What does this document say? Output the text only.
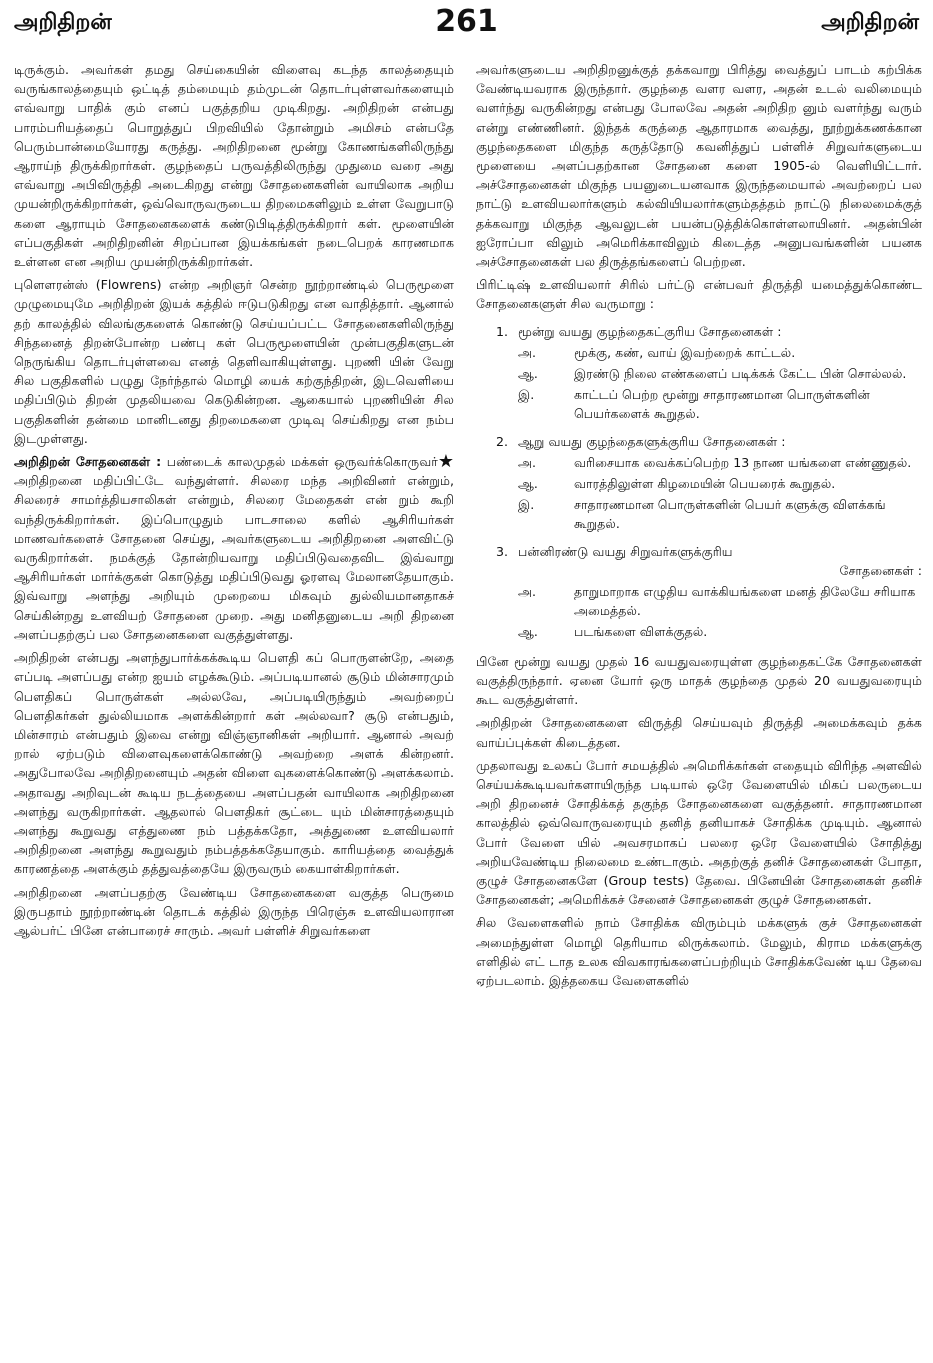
அறிதிறன்	261	அறிதிறன்

டிருக்கும். அவர்கள் தமது செய்கையின் விளைவு கடந்த காலத்தையும் வருங்காலத்தையும் ஒட்டித் தம்மையும் தம்முடன் தொடர்புள்ளவர்களையும் எவ்வாறு பாதிக் கும் எனப் பகுத்தறிய முடிகிறது. அறிதிறன் என்பது பாரம்பரியத்தைப் பொறுத்துப் பிறவியில் தோன்றும் அமிசம் என்பதே பெரும்பான்மையோரது கருத்து. அறிதிறனை மூன்று கோணங்களிலிருந்து ஆராய்ந் திருக்கிறார்கள். குழந்தைப் பருவத்திலிருந்து முதுமை வரை அது எவ்வாறு அபிவிருத்தி அடைகிறது என்று சோதனைகளின் வாயிலாக அறிய முயன்றிருக்கிறார்கள், ஒவ்வொருவருடைய திறமைகளிலும் உள்ள வேறுபாடு களை ஆராயும் சோதனைகளைக் கண்டுபிடித்திருக்கிறார் கள். மூளையின் எப்பகுதிகள் அறிதிறனின் சிறப்பான இயக்கங்கள் நடைபெறக் காரணமாக உள்ளன என அறிய முயன்றிருக்கிறார்கள்.

புளௌரன்ஸ் (Flowrens) என்ற அறிஞர் சென்ற நூற்றாண்டில் பெருமூளை முழுமையுமே அறிதிறன் இயக் கத்தில் ஈடுபடுகிறது என வாதித்தார். ஆனால் தற் காலத்தில் விலங்குகளைக் கொண்டு செய்யப்பட்ட சோதனைகளிலிருந்து சிந்தனைத் திறன்போன்ற பண்பு கள் பெருமூளையின் முன்பகுதிகளுடன் நெருங்கிய தொடர்புள்ளவை எனத் தெளிவாகியுள்ளது. புறணி யின் வேறு சில பகுதிகளில் பழுது நேர்ந்தால் மொழி யைக் கற்குந்திறன், இடவெளியை மதிப்பிடும் திறன் முதலியவை கெடுகின்றன. ஆகையால் புறணியின் சில பகுதிகளின் தன்மை மானிடனது திறமைகளை முடிவு செய்கிறது என நம்ப இடமுள்ளது.

★
அறிதிறன் சோதனைகள் : பண்டைக் காலமுதல் மக்கள் ஒருவர்க்கொருவர் அறிதிறனை மதிப்பிட்டே வந்துள்ளர். சிலரை மந்த அறிவினர் என்றும், சிலரைச் சாமர்த்தியசாலிகள் என்றும், சிலரை மேதைகள் என் றும் கூறி வந்திருக்கிறார்கள். இப்பொழுதும் பாடசாலை களில் ஆசிரியர்கள் மாணவர்களைச் சோதனை செய்து, அவர்களுடைய அறிதிறனை அளவிட்டு வருகிறார்கள். நமக்குத் தோன்றியவாறு மதிப்பிடுவதைவிட இவ்வாறு ஆசிரியர்கள் மார்க்குகள் கொடுத்து மதிப்பிடுவது ஓரளவு மேலானதேயாகும். இவ்வாறு அளந்து அறியும் முறையை மிகவும் துல்லியமானதாகச் செய்கின்றது உளவியற் சோதனை முறை. அது மனிதனுடைய அறி திறனை அளப்பதற்குப் பல சோதனைகளை வகுத்துள்ளது.

அறிதிறன் என்பது அளந்துபார்க்கக்கூடிய பௌதி கப் பொருளன்றே, அதை எப்படி அளப்பது என்ற ஐயம் எழக்கூடும். அப்படியானல் சூடும் மின்சாரமும் பௌதிகப் பொருள்கள் அல்லவே, அப்படியிருந்தும் அவற்றைப் பௌதிகர்கள் துல்லியமாக அளக்கின்றார் கள் அல்லவா? சூடு என்பதும், மின்சாரம் என்பதும் இவை என்று விஞ்ஞானிகள் அறியார். ஆனால் அவற் றால் ஏற்படும் விளைவுகளைக்கொண்டு அவற்றை அளக் கின்றனர். அதுபோலவே அறிதிறனையும் அதன் விளை வுகளைக்கொண்டு அளக்கலாம். அதாவது அறிவுடன் கூடிய நடத்தையை அளப்பதன் வாயிலாக அறிதிறனை அளந்து வருகிறார்கள். ஆதலால் பௌதிகர் சூட்டை யும் மின்சாரத்தையும் அளந்து கூறுவது எத்துணை நம் பத்தக்கதோ, அத்துணை உளவியலார் அறிதிறனை அளந்து கூறுவதும் நம்பத்தக்கதேயாகும். காரியத்தை வைத்துக் காரணத்தை அளக்கும் தத்துவத்தையே இருவரும் கையாள்கிறார்கள்.

அறிதிறனை அளப்பதற்கு வேண்டிய சோதனைகளை வகுத்த பெருமை இருபதாம் நூற்றாண்டின் தொடக் கத்தில் இருந்த பிரெஞ்சு உளவியலாரான ஆல்பர்ட் பினே என்பாரைச் சாரும். அவர் பள்ளிச் சிறுவர்களை

அவர்களுடைய அறிதிறனுக்குத் தக்கவாறு பிரித்து வைத்துப் பாடம் கற்பிக்க வேண்டியவராக இருந்தார். குழந்தை வளர வளர, அதன் உடல் வலிமையும் வளர்ந்து வருகின்றது என்பது போலவே அதன் அறிதிற னும் வளர்ந்து வரும் என்று எண்ணினர். இந்தக் கருத்தை ஆதாரமாக வைத்து, நூற்றுக்கணக்கான குழந்தைகளை மிகுந்த கருத்தோடு கவனித்துப் பள்ளிச் சிறுவர்களுடைய மூளையை அளப்பதற்கான சோதனை களை 1905-ல் வெளியிட்டார். அச்சோதனைகள் மிகுந்த பயனுடையனவாக இருந்தமையால் அவற்றைப் பல நாட்டு உளவியலார்களும் கல்வியியலார்களும்தத்தம் நாட்டு நிலைமைக்குத் தக்கவாறு மிகுந்த ஆவலுடன் பயன்படுத்திக்கொள்ளலாயினர். அதன்பின் ஐரோப்பா விலும் அமெரிக்காவிலும் கிடைத்த அனுபவங்களின் பயனக அச்சோதனைகள் பல திருத்தங்களைப் பெற்றன.

பிரிட்டிஷ் உளவியலார் சிரில் பர்ட்டு என்பவர் திருத்தி யமைத்துக்கொண்ட சோதனைகளுள் சில வருமாறு :

1. மூன்று வயது குழந்தைகட்குரிய சோதனைகள் :
அ.	மூக்கு, கண், வாய் இவற்றைக் காட்டல்.
ஆ.	இரண்டு நிலை எண்களைப் படிக்கக் கேட்ட பின் சொல்லல்.
இ.	காட்டப் பெற்ற மூன்று சாதாரணமான பொருள்களின் பெயர்களைக் கூறுதல்.
2. ஆறு வயது குழந்தைகளுக்குரிய சோதனைகள் :
அ.	வரிசையாக வைக்கப்பெற்ற 13 நாண யங்களை எண்ணுதல்.
ஆ.	வாரத்திலுள்ள கிழமையின் பெயரைக் கூறுதல்.
இ.	சாதாரணமான பொருள்களின் பெயர் களுக்கு விளக்கங் கூறுதல்.
3. பன்னிரண்டு வயது சிறுவர்களுக்குரிய
சோதனைகள் :
அ.	தாறுமாறாக எழுதிய வாக்கியங்களை மனத் திலேயே சரியாக அமைத்தல்.
ஆ.	படங்களை விளக்குதல்.

பினே மூன்று வயது முதல் 16 வயதுவரையுள்ள குழந்தைகட்கே சோதனைகள் வகுத்திருந்தார். ஏனை யோர் ஒரு மாதக் குழந்தை முதல் 20 வயதுவரையும் கூட வகுத்துள்ளர்.

அறிதிறன் சோதனைகளை விருத்தி செய்யவும் திருத்தி அமைக்கவும் தக்க வாய்ப்புக்கள் கிடைத்தன.

முதலாவது உலகப் போர் சமயத்தில் அமெரிக்கர்கள் எதையும் விரிந்த அளவில் செய்யக்கூடியவர்களாயிருந்த படியால் ஒரே வேளையில் மிகப் பலருடைய அறி திறனைச் சோதிக்கத் தகுந்த சோதனைகளை வகுத்தனர். சாதாரணமான காலத்தில் ஒவ்வொருவரையும் தனித் தனியாகச் சோதிக்க முடியும். ஆனால் போர் வேளை யில் அவசரமாகப் பலரை ஒரே வேளையில் சோதித்து அறியவேண்டிய நிலைமை உண்டாகும். அதற்குத் தனிச் சோதனைகள் போதா, குழுச் சோதனைகளே (Group tests) தேவை. பினேயின் சோதனைகள் தனிச் சோதனைகள்; அமெரிக்கச் சேனைச் சோதனைகள் குழுச் சோதனைகள்.

சில வேளைகளில் நாம் சோதிக்க விரும்பும் மக்களுக் குச் சோதனைகள் அமைந்துள்ள மொழி தெரியாம லிருக்கலாம். மேலும், கிராம மக்களுக்கு எளிதில் எட் டாத உலக விவகாரங்களைப்பற்றியும் சோதிக்கவேண் டிய தேவை ஏற்படலாம். இத்தகைய வேளைகளில்
